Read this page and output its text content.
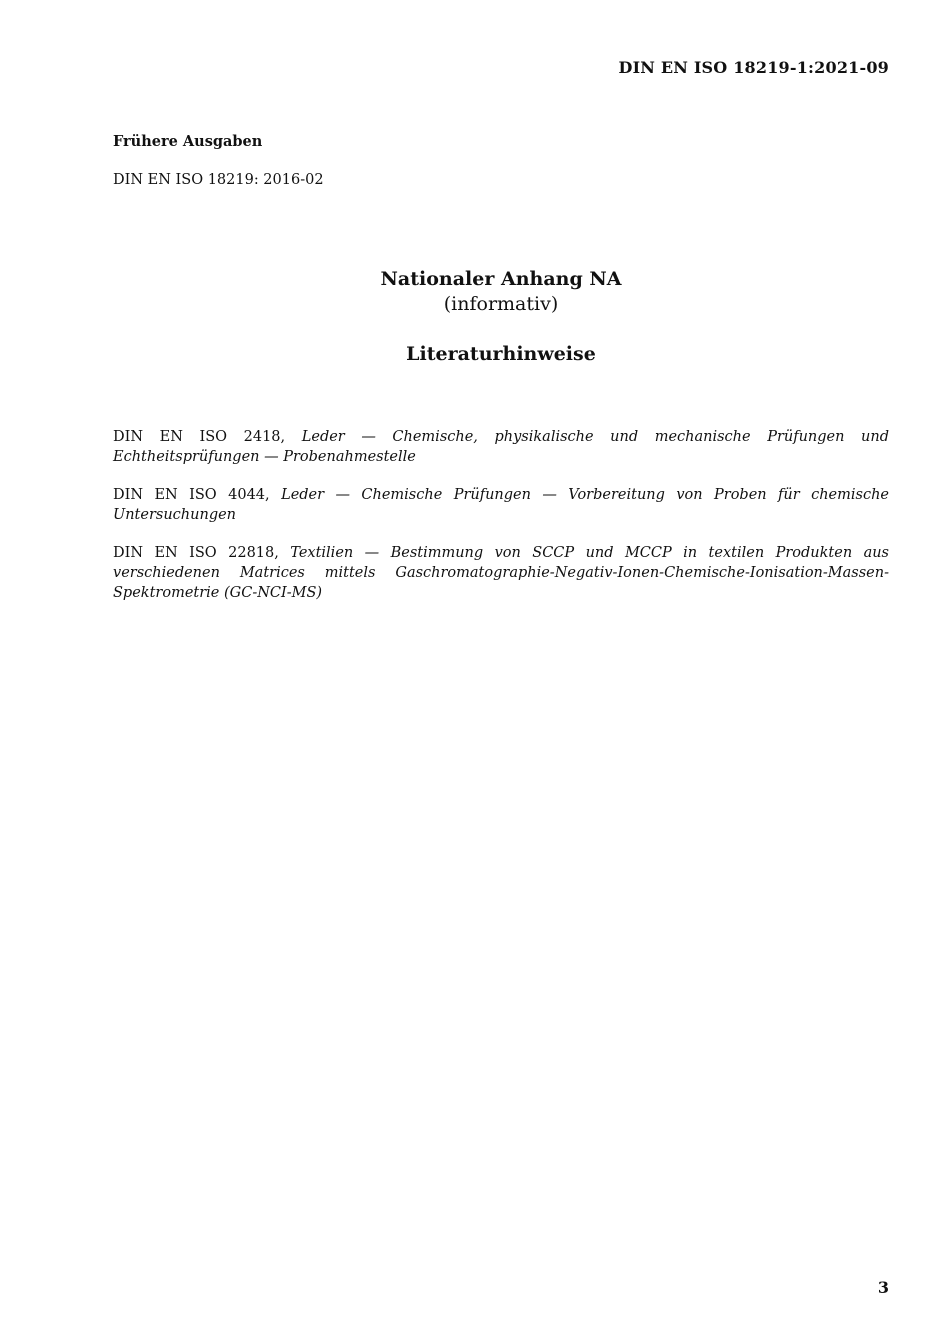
DIN EN ISO 18219-1:2021-09
Frühere Ausgaben
DIN EN ISO 18219: 2016-02
Nationaler Anhang NA
(informativ)
Literaturhinweise

DIN EN ISO 2418, Leder — Chemische, physikalische und mechanische Prüfungen und Echtheitsprüfungen — Probenahmestelle

DIN EN ISO 4044, Leder — Chemische Prüfungen — Vorbereitung von Proben für chemische Untersuchungen

DIN EN ISO 22818, Textilien — Bestimmung von SCCP und MCCP in textilen Produkten aus verschiedenen Matrices mittels Gaschromatographie-Negativ-Ionen-Chemische-Ionisation-Massen-Spektrometrie (GC-NCI-MS)

3
